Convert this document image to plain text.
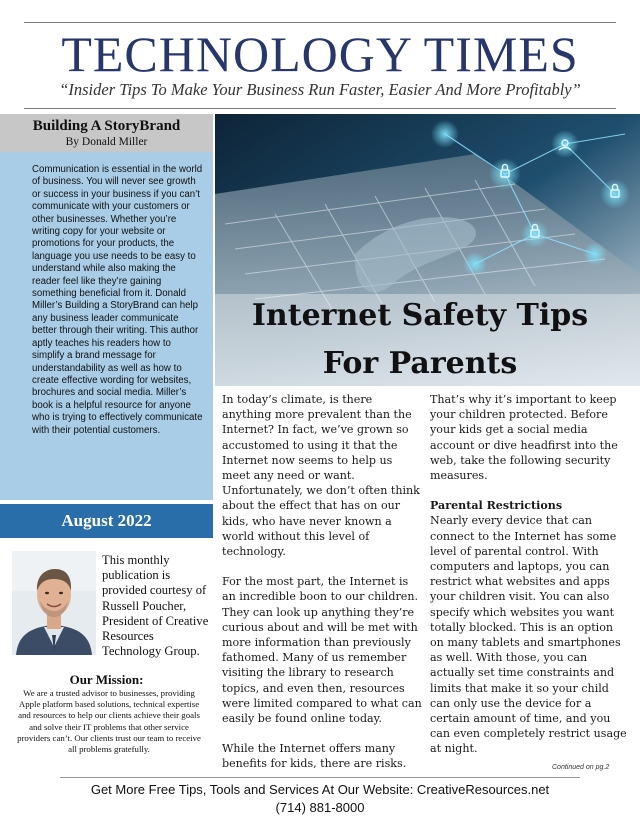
TECHNOLOGY TIMES
“Insider Tips To Make Your Business Run Faster, Easier And More Profitably”
Building A StoryBrand
By Donald Miller
Communication is essential in the world of business. You will never see growth or success in your business if you can’t communicate with your customers or other businesses. Whether you’re writing copy for your website or promotions for your products, the language you use needs to be easy to understand while also making the reader feel like they’re gaining something beneficial from it. Donald Miller’s Building a StoryBrand can help any business leader communicate better through their writing. This author aptly teaches his readers how to simplify a brand message for understandability as well as how to create effective wording for websites, brochures and social media. Miller’s book is a helpful resource for anyone who is trying to effectively communicate with their potential customers.
August 2022
This monthly publication is provided courtesy of Russell Poucher, President of Creative Resources Technology Group.
Our Mission:
We are a trusted advisor to businesses, providing Apple platform based solutions, technical expertise and resources to help our clients achieve their goals and solve their IT problems that other service providers can’t. Our clients trust our team to receive all problems gratefully.
Internet Safety Tips
For Parents

In today’s climate, is there anything more prevalent than the Internet? In fact, we’ve grown so accustomed to using it that the Internet now seems to help us meet any need or want. Unfortunately, we don’t often think about the effect that has on our kids, who have never known a world without this level of technology.

For the most part, the Internet is an incredible boon to our children. They can look up anything they’re curious about and will be met with more information than previously fathomed. Many of us remember visiting the library to research topics, and even then, resources were limited compared to what can easily be found online today.

While the Internet offers many benefits for kids, there are risks.

That’s why it’s important to keep your children protected. Before your kids get a social media account or dive headfirst into the web, take the following security measures.

Parental Restrictions

Nearly every device that can connect to the Internet has some level of parental control. With computers and laptops, you can restrict what websites and apps your children visit. You can also specify which websites you want totally blocked. This is an option on many tablets and smartphones as well. With those, you can actually set time constraints and limits that make it so your child can only use the device for a certain amount of time, and you can even completely restrict usage at night.

Continued on pg.2
Get More Free Tips, Tools and Services At Our Website: CreativeResources.net
(714) 881-8000
